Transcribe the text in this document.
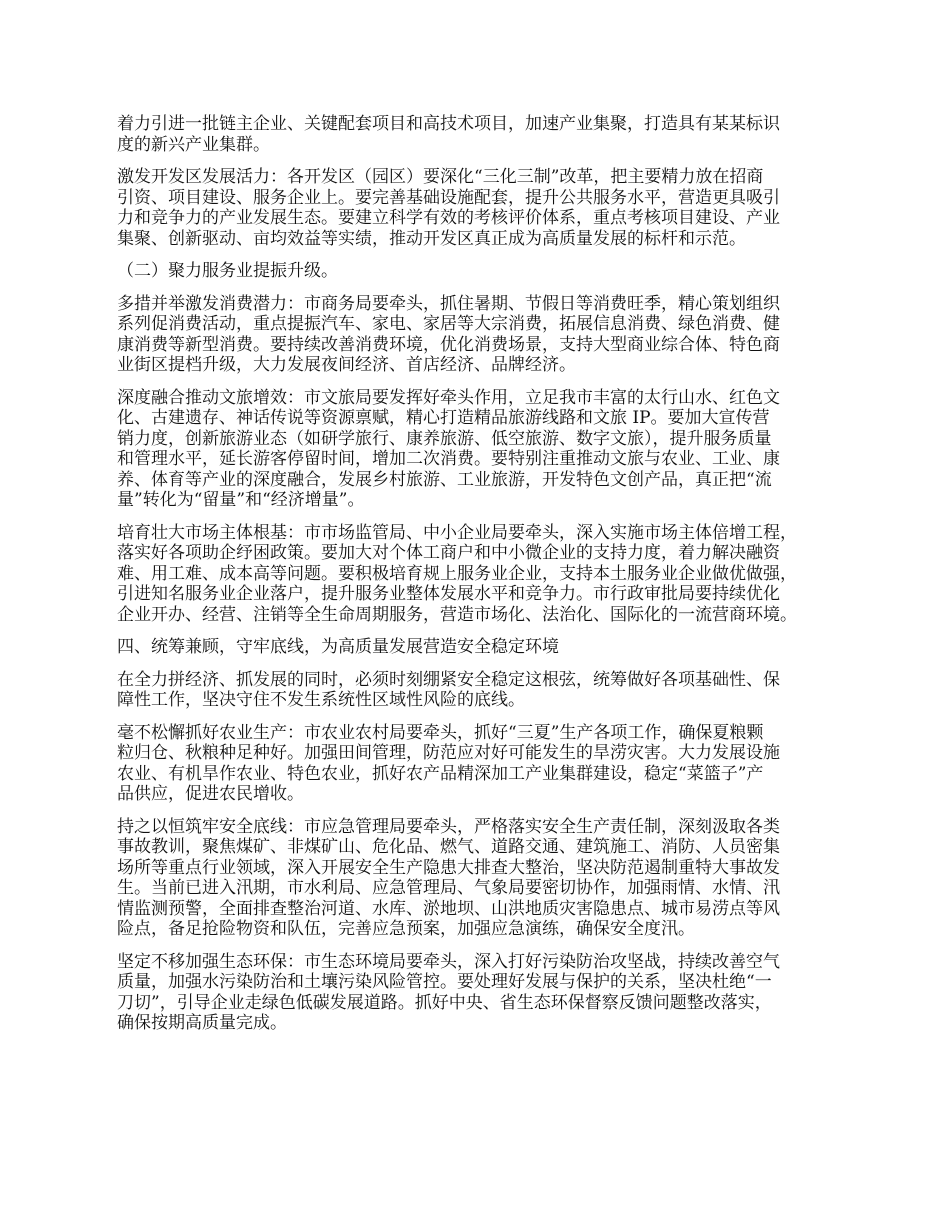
着力引进一批链主企业、关键配套项目和高技术项目，加速产业集聚，打造具有某某标识
度的新兴产业集群。

激发开发区发展活力：各开发区（园区）要深化“三化三制”改革，把主要精力放在招商
引资、项目建设、服务企业上。要完善基础设施配套，提升公共服务水平，营造更具吸引
力和竞争力的产业发展生态。要建立科学有效的考核评价体系，重点考核项目建设、产业
集聚、创新驱动、亩均效益等实绩，推动开发区真正成为高质量发展的标杆和示范。

（二）聚力服务业提振升级。

多措并举激发消费潜力：市商务局要牵头，抓住暑期、节假日等消费旺季，精心策划组织
系列促消费活动，重点提振汽车、家电、家居等大宗消费，拓展信息消费、绿色消费、健
康消费等新型消费。要持续改善消费环境，优化消费场景，支持大型商业综合体、特色商
业街区提档升级，大力发展夜间经济、首店经济、品牌经济。

深度融合推动文旅增效：市文旅局要发挥好牵头作用，立足我市丰富的太行山水、红色文
化、古建遗存、神话传说等资源禀赋，精心打造精品旅游线路和文旅 IP。要加大宣传营
销力度，创新旅游业态（如研学旅行、康养旅游、低空旅游、数字文旅），提升服务质量
和管理水平，延长游客停留时间，增加二次消费。要特别注重推动文旅与农业、工业、康
养、体育等产业的深度融合，发展乡村旅游、工业旅游，开发特色文创产品，真正把“流
量”转化为“留量”和“经济增量”。

培育壮大市场主体根基：市市场监管局、中小企业局要牵头，深入实施市场主体倍增工程，
落实好各项助企纾困政策。要加大对个体工商户和中小微企业的支持力度，着力解决融资
难、用工难、成本高等问题。要积极培育规上服务业企业，支持本土服务业企业做优做强，
引进知名服务业企业落户，提升服务业整体发展水平和竞争力。市行政审批局要持续优化
企业开办、经营、注销等全生命周期服务，营造市场化、法治化、国际化的一流营商环境。

四、统筹兼顾，守牢底线，为高质量发展营造安全稳定环境

在全力拼经济、抓发展的同时，必须时刻绷紧安全稳定这根弦，统筹做好各项基础性、保
障性工作，坚决守住不发生系统性区域性风险的底线。

毫不松懈抓好农业生产：市农业农村局要牵头，抓好“三夏”生产各项工作，确保夏粮颗
粒归仓、秋粮种足种好。加强田间管理，防范应对好可能发生的旱涝灾害。大力发展设施
农业、有机旱作农业、特色农业，抓好农产品精深加工产业集群建设，稳定“菜篮子”产
品供应，促进农民增收。

持之以恒筑牢安全底线：市应急管理局要牵头，严格落实安全生产责任制，深刻汲取各类
事故教训，聚焦煤矿、非煤矿山、危化品、燃气、道路交通、建筑施工、消防、人员密集
场所等重点行业领域，深入开展安全生产隐患大排查大整治，坚决防范遏制重特大事故发
生。当前已进入汛期，市水利局、应急管理局、气象局要密切协作，加强雨情、水情、汛
情监测预警，全面排查整治河道、水库、淤地坝、山洪地质灾害隐患点、城市易涝点等风
险点，备足抢险物资和队伍，完善应急预案，加强应急演练，确保安全度汛。

坚定不移加强生态环保：市生态环境局要牵头，深入打好污染防治攻坚战，持续改善空气
质量，加强水污染防治和土壤污染风险管控。要处理好发展与保护的关系，坚决杜绝“一
刀切”，引导企业走绿色低碳发展道路。抓好中央、省生态环保督察反馈问题整改落实，
确保按期高质量完成。
